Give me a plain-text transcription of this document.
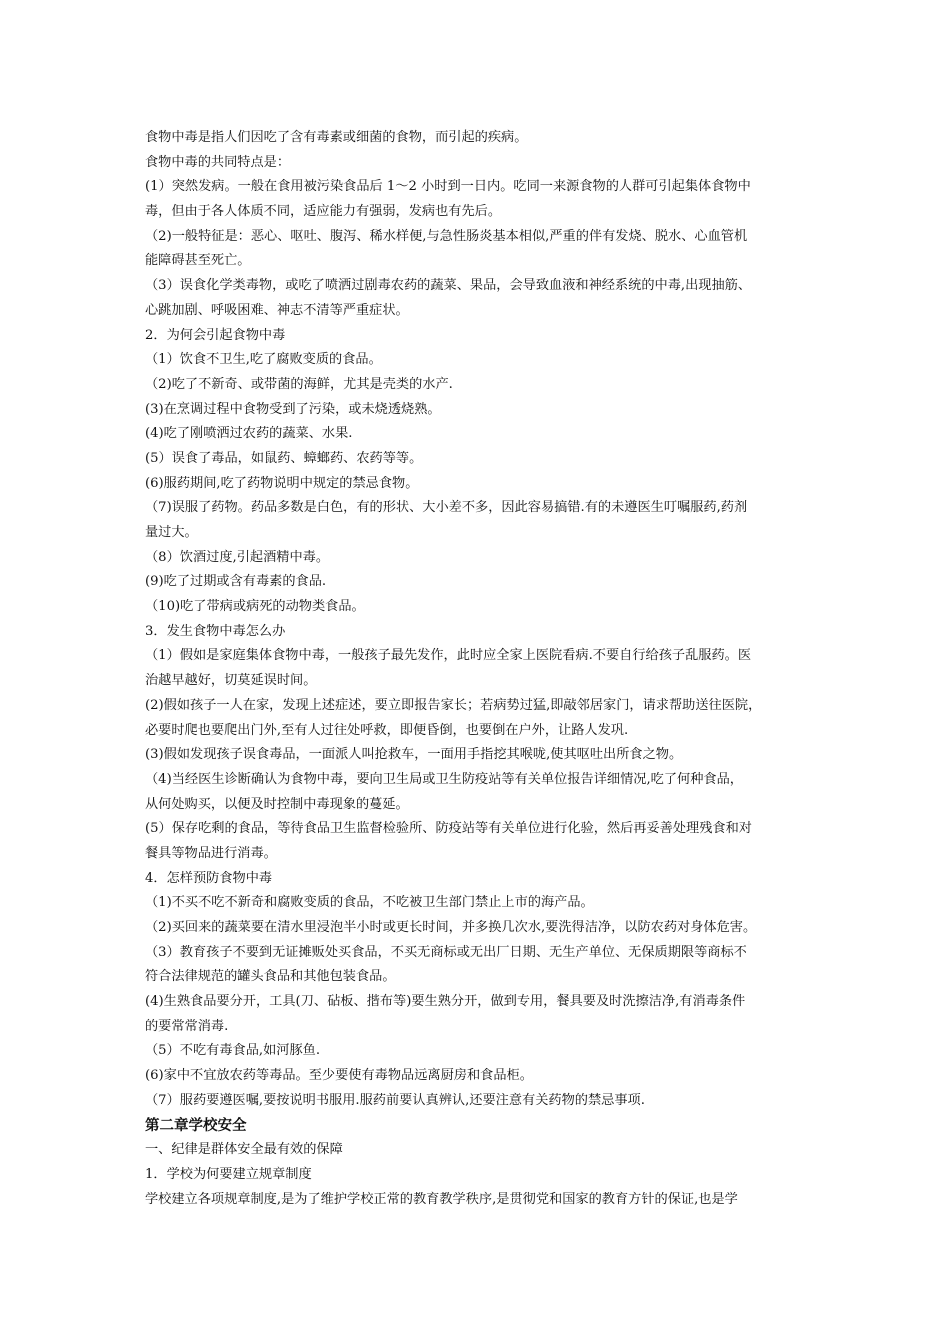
食物中毒是指人们因吃了含有毒素或细菌的食物，而引起的疾病。
食物中毒的共同特点是：
(1）突然发病。一般在食用被污染食品后 1～2 小时到一日内。吃同一来源食物的人群可引起集体食物中
毒，但由于各人体质不同，适应能力有强弱，发病也有先后。
（2)一般特征是：恶心、呕吐、腹泻、稀水样便,与急性肠炎基本相似,严重的伴有发烧、脱水、心血管机
能障碍甚至死亡。
（3）误食化学类毒物，或吃了喷洒过剧毒农药的蔬菜、果品，会导致血液和神经系统的中毒,出现抽筋、
心跳加剧、呼吸困难、神志不清等严重症状。
2．为何会引起食物中毒
（1）饮食不卫生,吃了腐败变质的食品。
（2)吃了不新奇、或带菌的海鲜，尤其是壳类的水产.
(3)在烹调过程中食物受到了污染，或未烧透烧熟。
(4)吃了刚喷洒过农药的蔬菜、水果.
(5）误食了毒品，如鼠药、蟑螂药、农药等等。
(6)服药期间,吃了药物说明中规定的禁忌食物。
（7)误服了药物。药品多数是白色，有的形状、大小差不多，因此容易搞错.有的未遵医生叮嘱服药,药剂
量过大。
（8）饮酒过度,引起酒精中毒。
(9)吃了过期或含有毒素的食品.
（10)吃了带病或病死的动物类食品。
3．发生食物中毒怎么办
（1）假如是家庭集体食物中毒，一般孩子最先发作，此时应全家上医院看病.不要自行给孩子乱服药。医
治越早越好，切莫延误时间。
(2)假如孩子一人在家，发现上述症述，要立即报告家长；若病势过猛,即敲邻居家门，请求帮助送往医院，
必要时爬也要爬出门外,至有人过往处呼救，即便昏倒，也要倒在户外，让路人发巩.
(3)假如发现孩子误食毒品，一面派人叫抢救车，一面用手指挖其喉咙,使其呕吐出所食之物。
（4)当经医生诊断确认为食物中毒，要向卫生局或卫生防疫站等有关单位报告详细情况,吃了何种食品，
从何处购买，以便及时控制中毒现象的蔓延。
(5）保存吃剩的食品，等待食品卫生监督检验所、防疫站等有关单位进行化验，然后再妥善处理残食和对
餐具等物品进行消毒。
4．怎样预防食物中毒
（1)不买不吃不新奇和腐败变质的食品，不吃被卫生部门禁止上市的海产品。
（2)买回来的蔬菜要在清水里浸泡半小时或更长时间，并多换几次水,要洗得洁净，以防农药对身体危害。
（3）教育孩子不要到无证摊贩处买食品，不买无商标或无出厂日期、无生产单位、无保质期限等商标不
符合法律规范的罐头食品和其他包装食品。
(4)生熟食品要分开，工具(刀、砧板、揩布等)要生熟分开，做到专用，餐具要及时洗擦洁净,有消毒条件
的要常常消毒.
（5）不吃有毒食品,如河豚鱼.
(6)家中不宜放农药等毒品。至少要使有毒物品远离厨房和食品柜。
（7）服药要遵医嘱,要按说明书服用.服药前要认真辨认,还要注意有关药物的禁忌事项.
第二章学校安全
一、纪律是群体安全最有效的保障
1．学校为何要建立规章制度
学校建立各项规章制度,是为了维护学校正常的教育教学秩序,是贯彻党和国家的教育方针的保证,也是学
